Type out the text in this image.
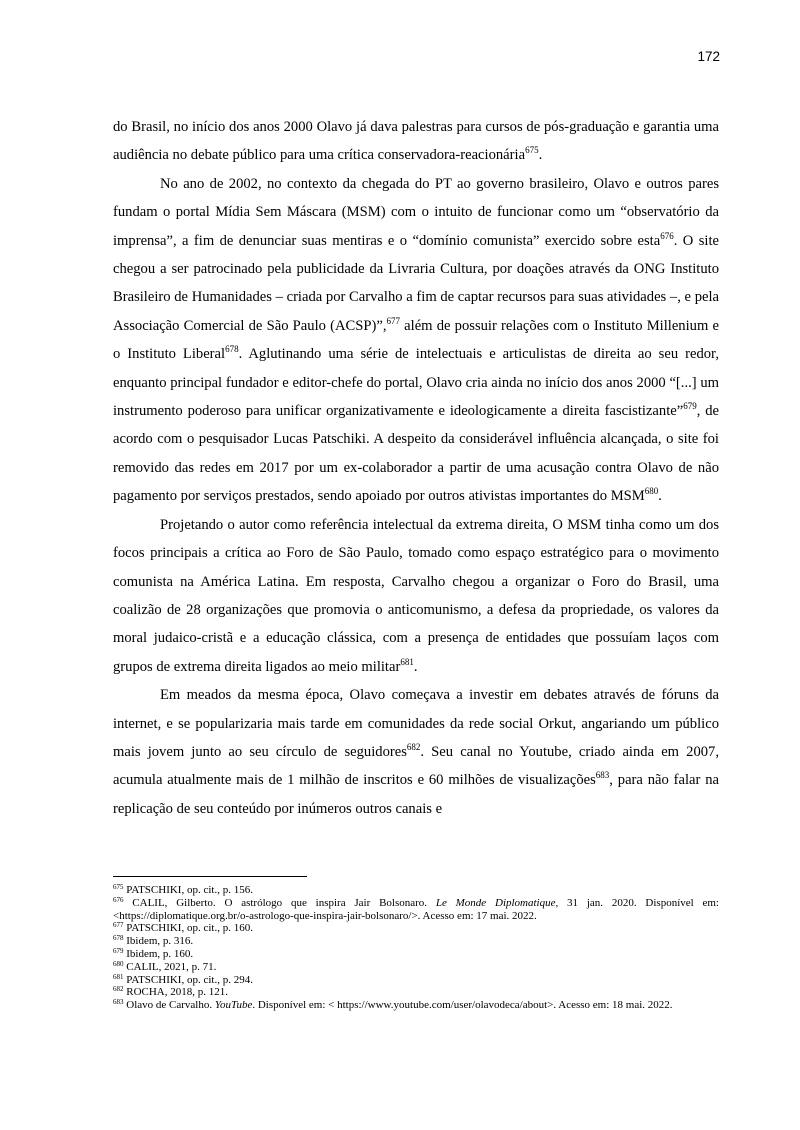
172

do Brasil, no início dos anos 2000 Olavo já dava palestras para cursos de pós-graduação e garantia uma audiência no debate público para uma crítica conservadora-reacionária$^{675}$.

No ano de 2002, no contexto da chegada do PT ao governo brasileiro, Olavo e outros pares fundam o portal Mídia Sem Máscara (MSM) com o intuito de funcionar como um “observatório da imprensa”, a fim de denunciar suas mentiras e o “domínio comunista” exercido sobre esta$^{676}$. O site chegou a ser patrocinado pela publicidade da Livraria Cultura, por doações através da ONG Instituto Brasileiro de Humanidades – criada por Carvalho a fim de captar recursos para suas atividades –, e pela Associação Comercial de São Paulo (ACSP)”,$^{677}$ além de possuir relações com o Instituto Millenium e o Instituto Liberal$^{678}$. Aglutinando uma série de intelectuais e articulistas de direita ao seu redor, enquanto principal fundador e editor-chefe do portal, Olavo cria ainda no início dos anos 2000 “[...] um instrumento poderoso para unificar organizativamente e ideologicamente a direita fascistizante”$^{679}$, de acordo com o pesquisador Lucas Patschiki. A despeito da considerável influência alcançada, o site foi removido das redes em 2017 por um ex-colaborador a partir de uma acusação contra Olavo de não pagamento por serviços prestados, sendo apoiado por outros ativistas importantes do MSM$^{680}$.

Projetando o autor como referência intelectual da extrema direita, O MSM tinha como um dos focos principais a crítica ao Foro de São Paulo, tomado como espaço estratégico para o movimento comunista na América Latina. Em resposta, Carvalho chegou a organizar o Foro do Brasil, uma coalizão de 28 organizações que promovia o anticomunismo, a defesa da propriedade, os valores da moral judaico-cristã e a educação clássica, com a presença de entidades que possuíam laços com grupos de extrema direita ligados ao meio militar$^{681}$.

Em meados da mesma época, Olavo começava a investir em debates através de fóruns da internet, e se popularizaria mais tarde em comunidades da rede social Orkut, angariando um público mais jovem junto ao seu círculo de seguidores$^{682}$. Seu canal no Youtube, criado ainda em 2007, acumula atualmente mais de 1 milhão de inscritos e 60 milhões de visualizações$^{683}$, para não falar na replicação de seu conteúdo por inúmeros outros canais e

$^{675}$ PATSCHIKI, op. cit., p. 156.
$^{676}$ CALIL, Gilberto. O astrólogo que inspira Jair Bolsonaro. Le Monde Diplomatique, 31 jan. 2020. Disponível em: <https://diplomatique.org.br/o-astrologo-que-inspira-jair-bolsonaro/>. Acesso em: 17 mai. 2022.
$^{677}$ PATSCHIKI, op. cit., p. 160.
$^{678}$ Ibidem, p. 316.
$^{679}$ Ibidem, p. 160.
$^{680}$ CALIL, 2021, p. 71.
$^{681}$ PATSCHIKI, op. cit., p. 294.
$^{682}$ ROCHA, 2018, p. 121.
$^{683}$ Olavo de Carvalho. YouTube. Disponível em: < https://www.youtube.com/user/olavodeca/about>. Acesso em: 18 mai. 2022.
